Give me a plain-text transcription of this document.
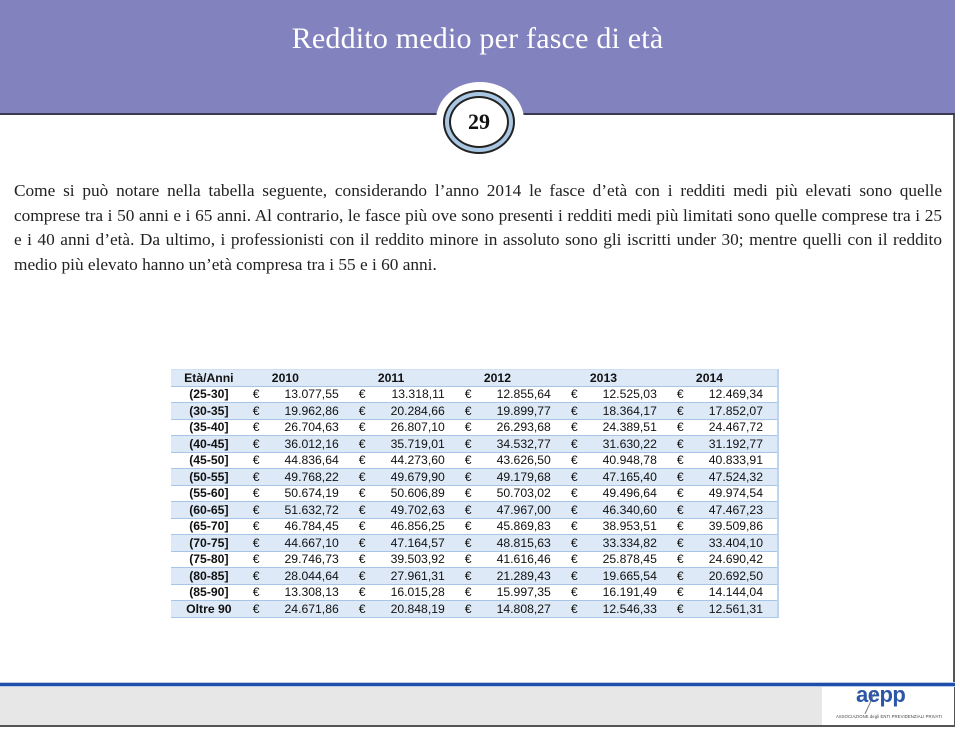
Reddito medio per fasce di età
29

Come si può notare nella tabella seguente, considerando l’anno 2014 le fasce d’età con i redditi medi più elevati sono quelle comprese tra i 50 anni e i 65 anni. Al contrario, le fasce più ove sono presenti i redditi medi più limitati sono quelle comprese tra i 25 e i 40 anni d’età. Da ultimo, i professionisti con il reddito minore in assoluto sono gli iscritti under 30; mentre quelli con il reddito medio più elevato hanno un’età compresa tra i 55 e i 60 anni.

Età/Anni		2010		2011		2012		2013		2014
(25-30]	€	13.077,55	€	13.318,11	€	12.855,64	€	12.525,03	€	12.469,34
(30-35]	€	19.962,86	€	20.284,66	€	19.899,77	€	18.364,17	€	17.852,07
(35-40]	€	26.704,63	€	26.807,10	€	26.293,68	€	24.389,51	€	24.467,72
(40-45]	€	36.012,16	€	35.719,01	€	34.532,77	€	31.630,22	€	31.192,77
(45-50]	€	44.836,64	€	44.273,60	€	43.626,50	€	40.948,78	€	40.833,91
(50-55]	€	49.768,22	€	49.679,90	€	49.179,68	€	47.165,40	€	47.524,32
(55-60]	€	50.674,19	€	50.606,89	€	50.703,02	€	49.496,64	€	49.974,54
(60-65]	€	51.632,72	€	49.702,63	€	47.967,00	€	46.340,60	€	47.467,23
(65-70]	€	46.784,45	€	46.856,25	€	45.869,83	€	38.953,51	€	39.509,86
(70-75]	€	44.667,10	€	47.164,57	€	48.815,63	€	33.334,82	€	33.404,10
(75-80]	€	29.746,73	€	39.503,92	€	41.616,46	€	25.878,45	€	24.690,42
(80-85]	€	28.044,64	€	27.961,31	€	21.289,43	€	19.665,54	€	20.692,50
(85-90]	€	13.308,13	€	16.015,28	€	15.997,35	€	16.191,49	€	14.144,04
Oltre 90	€	24.671,86	€	20.848,19	€	14.808,27	€	12.546,33	€	12.561,31
aepp
ASSOCIAZIONE degli ENTI PREVIDENZIALI PRIVATI
